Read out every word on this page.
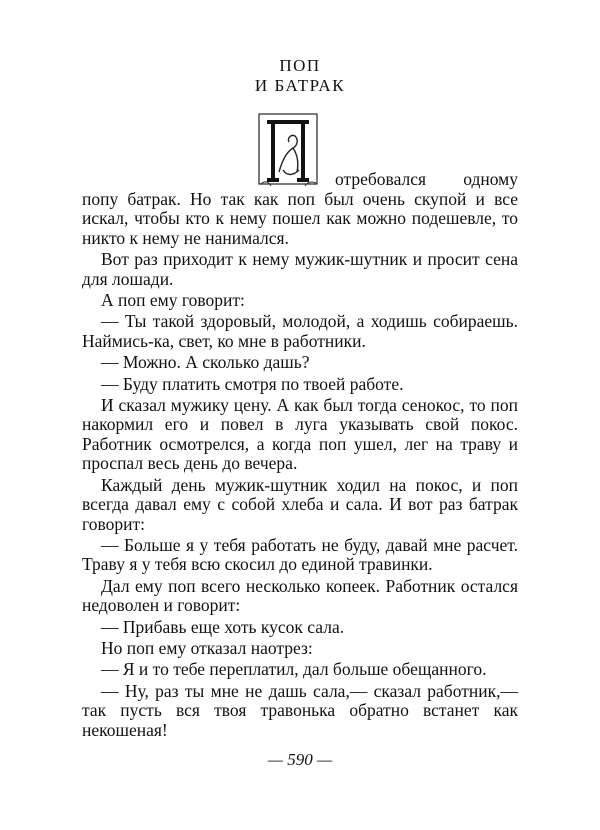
ПОП
И БАТРАК
П	отребовался одному

попу батрак. Но так как поп был очень скупой и все искал, чтобы кто к нему пошел как можно подешевле, то никто к нему не нанимался.

Вот раз приходит к нему мужик-шутник и просит сена для лошади.

А поп ему говорит:

— Ты такой здоровый, молодой, а ходишь собираешь. Наймись-ка, свет, ко мне в работники.

— Можно. А сколько дашь?

— Буду платить смотря по твоей работе.

И сказал мужику цену. А как был тогда сенокос, то поп накормил его и повел в луга указывать свой покос. Работник осмотрелся, а когда поп ушел, лег на траву и проспал весь день до вечера.

Каждый день мужик-шутник ходил на покос, и поп всегда давал ему с собой хлеба и сала. И вот раз батрак говорит:

— Больше я у тебя работать не буду, давай мне расчет. Траву я у тебя всю скосил до единой травинки.

Дал ему поп всего несколько копеек. Работник остался недоволен и говорит:

— Прибавь еще хоть кусок сала.

Но поп ему отказал наотрез:

— Я и то тебе переплатил, дал больше обещанного.

— Ну, раз ты мне не дашь сала,— сказал работник,— так пусть вся твоя травонька обратно встанет как некошеная!

— 590 —
